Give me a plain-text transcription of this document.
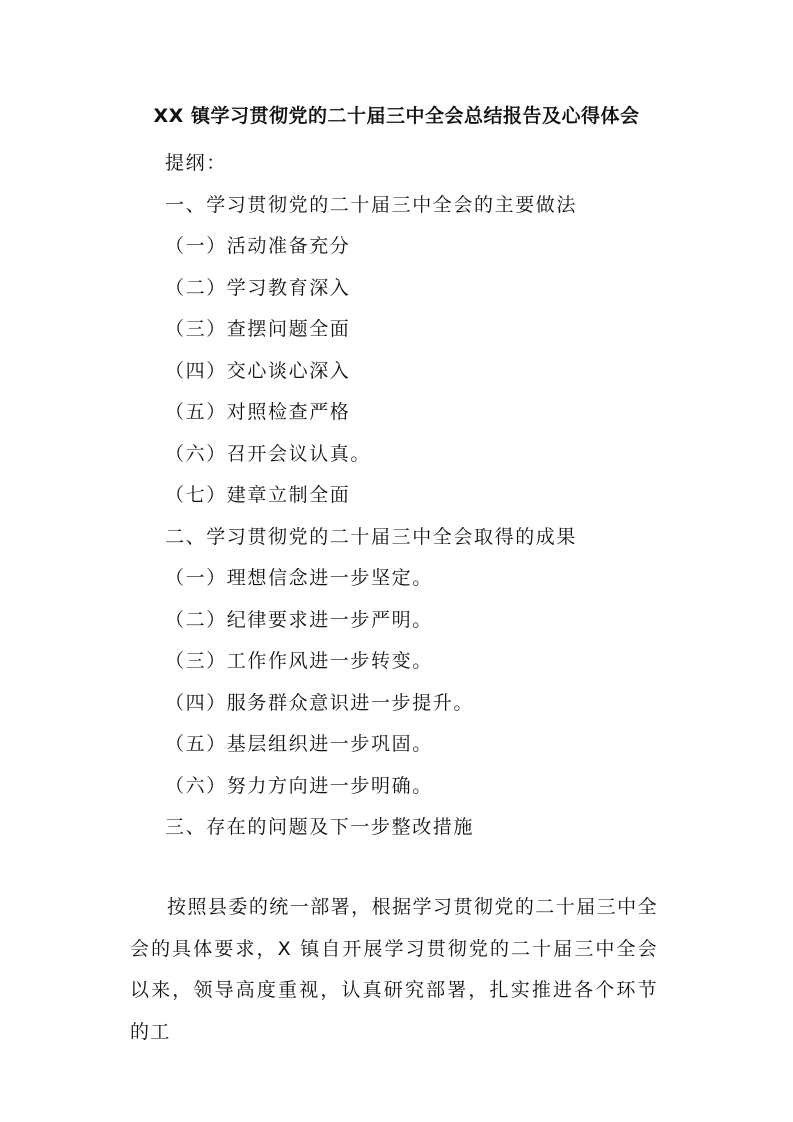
XX 镇学习贯彻党的二十届三中全会总结报告及心得体会
提纲：
一、学习贯彻党的二十届三中全会的主要做法
（一）活动准备充分
（二）学习教育深入
（三）查摆问题全面
（四）交心谈心深入
（五）对照检查严格
（六）召开会议认真。
（七）建章立制全面
二、学习贯彻党的二十届三中全会取得的成果
（一）理想信念进一步坚定。
（二）纪律要求进一步严明。
（三）工作作风进一步转变。
（四）服务群众意识进一步提升。
（五）基层组织进一步巩固。
（六）努力方向进一步明确。
三、存在的问题及下一步整改措施

按照县委的统一部署，根据学习贯彻党的二十届三中全会的具体要求，X 镇自开展学习贯彻党的二十届三中全会以来，领导高度重视，认真研究部署，扎实推进各个环节的工
